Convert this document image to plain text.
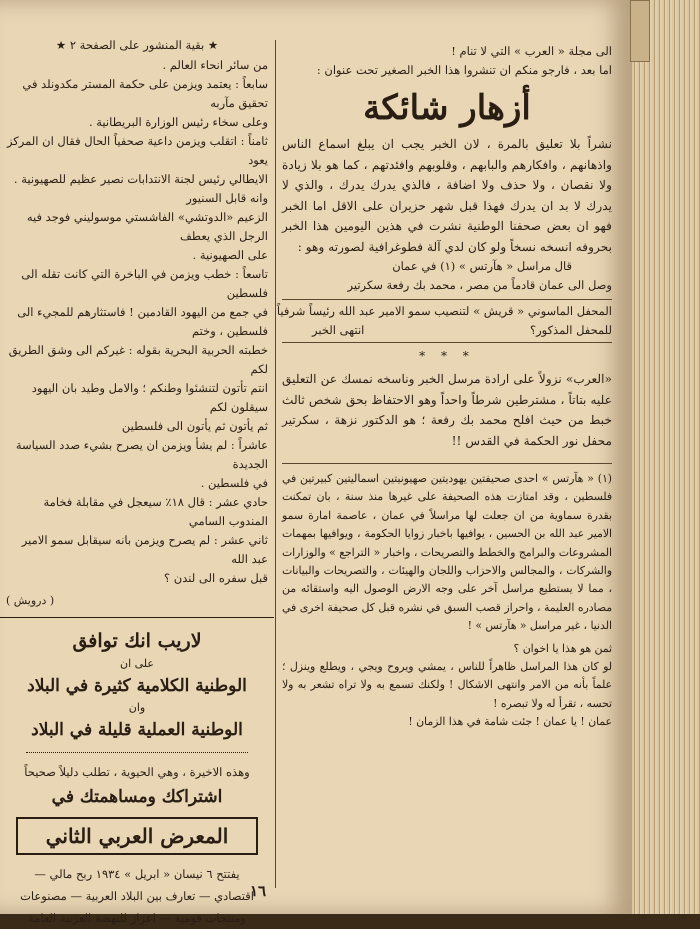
الى مجلة « العرب » التي لا تنام !

اما بعد ، فارجو منكم ان تنشروا هذا الخبر الصغير تحت عنوان :

أزهار شائكة

نشراً بلا تعليق بالمرة ، لان الخبر يجب ان يبلغ اسماع الناس واذهانهم ، وافكارهم والبابهم ، وقلوبهم وافئدتهم ، كما هو بلا زيادة ولا نقصان ، ولا حذف ولا اضافة ، فالذي يدرك يدرك ، والذي لا يدرك لا بد ان يدرك فهذا قبل شهر حزيران على الاقل اما الخبر فهو ان بعض صحفنا الوطنية نشرت في هذين اليومين هذا الخبر بحروفه انسخه نسخاً ولو كان لدي آلة فطوغرافية لصورته وهو :

قال مراسل « هآرتس » (١) في عمان
وصل الى عمان قادماً من مصر ، محمد بك رفعة سكرتير
المحفل الماسوني « قريش » لتنصيب سمو الامير عبد الله رئيساً شرفياً
للمحفل المذكور؟
انتهى الخبر
* * *

«العرب» نزولاً على ارادة مرسل الخبر وناسخه نمسك عن التعليق عليه بتاتاً ، مشترطين شرطاً واحداً وهو الاحتفاظ بحق شخص ثالث خبط من حيث افلح محمد بك رفعة ؛ هو الدكتور نزهة ، سكرتير محفل نور الحكمة في القدس !!

(١) « هآرتس » احدى صحيفتين يهوديتين صهيونيتين اسماليتين كبيرتين في فلسطين ، وقد امتازت هذه الصحيفة على غيرها منذ سنة ، بان تمكنت بقدرة سماوية من ان جعلت لها مراسلاً في عمان ، عاصمة امارة سمو الامير عبد الله بن الحسين ، يوافيها باخبار زوايا الحكومة ، ويوافيها بمهمات المشروعات والبرامج والخطط والتصريحات ، واخبار « التراجع » والوزارات والشركات ، والمجالس والاحزاب واللجان والهيئات ، والتصريحات والبيانات ، مما لا يستطيع مراسل آخر على وجه الارض الوصول اليه واستقائه من مصادره العليمة ، واحراز قصب السبق في نشره قبل كل صحيفة اخرى في الدنيا ، غير مراسل « هآرتس » !

ثمن هو هذا يا اخوان ؟

لو كان هذا المراسل ظاهراً للناس ، يمشي ويروح ويجي ، ويطلع وينزل ؛ علماً بأنه من الامر وانتهى الاشكال ! ولكنك تسمع به ولا تراه تشعر به ولا تحسه ، تقرأ له ولا تبصره !

عمان ! يا عمان ! جئت شامة في هذا الزمان !

★ بقية المنشور على الصفحة ٢ ★
من سائر انحاء العالم .
سابعاً : يعتمد ويزمن على حكمة المستر مكدونلد في تحقيق مآربه
وعلى سخاء رئيس الوزارة البريطانية .
ثامناً : اتقلب ويزمن داعية صحفياً الحال فقال ان المركز يعود
الايطالي رئيس لجنة الانتدابات نصير عظيم للصهيونية . وانه قابل السنيور
الزعيم «الدوتشي» الفاشستي موسوليني فوجد فيه الرجل الذي يعطف
على الصهيونية .
تاسعاً : خطب ويزمن في الباخرة التي كانت تقله الى فلسطين
في جمع من اليهود القادمين ! فاستثارهم للمجيء الى فلسطين ، وختم
خطبته الحربية البحرية بقوله : غيركم الى وشق الطريق لكم
انتم تأتون لتنشئوا وطنكم ؛ والامل وطيد بان اليهود سيقلون لكم
ثم يأتون ثم يأتون الى فلسطين
عاشراً : لم يشأ ويزمن ان يصرح بشيء صدد السياسة الجديدة
في فلسطين .
حادي عشر : قال ١٨٪ سيعجل في مقابلة فخامة المندوب السامي
ثاني عشر : لم يصرح ويزمن بانه سيقابل سمو الامير عبد الله
قبل سفره الى لندن ؟
( درويش )
لاريب انك توافق
على ان
الوطنية الكلامية كثيرة في البلاد
وان
الوطنية العملية قليلة في البلاد
وهذه الاخيرة ، وهي الحيوية ، تطلب دليلاً صحيحاً
اشتراكك ومساهمتك في
المعرض العربي الثاني
يفتتح ٦ نيسان « ابريل » ١٩٣٤ ربح مالي —
اقتصادي — تعارف بين البلاد العربية — مصنوعات
ومنتجات قومية — اعزاز للنهضة العربية العامة
١٦
